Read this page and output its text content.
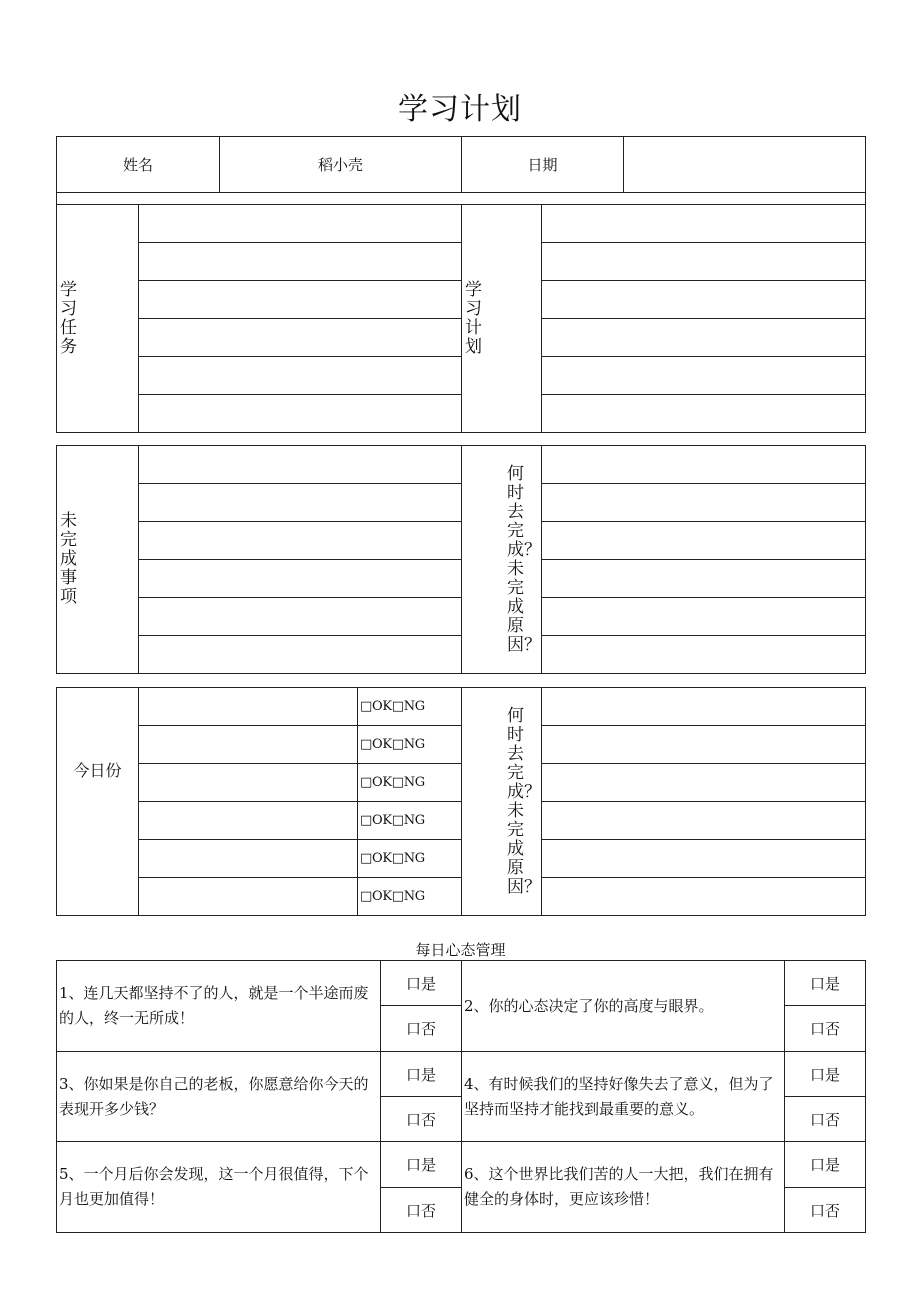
学习计划
姓名	稻小壳	日期	

学习任务		学习计划	

未完成事项		何时去完成？未完成原因？	

今日份		□OK□NG	何时去完成？未完成原因？	

		□OK□NG		
		□OK□NG		
		□OK□NG		
		□OK□NG		
		□OK□NG		
每日心态管理
1、连几天都坚持不了的人，就是一个半途而废的人，终一无所成！	口是	2、你的心态决定了你的高度与眼界。	口是
	口否		口否
3、你如果是你自己的老板，你愿意给你今天的表现开多少钱？	口是	4、有时候我们的坚持好像失去了意义，但为了坚持而坚持才能找到最重要的意义。	口是
	口否		口否
5、一个月后你会发现，这一个月很值得，下个月也更加值得！	口是	6、这个世界比我们苦的人一大把，我们在拥有健全的身体时，更应该珍惜！	口是
	口否		口否
